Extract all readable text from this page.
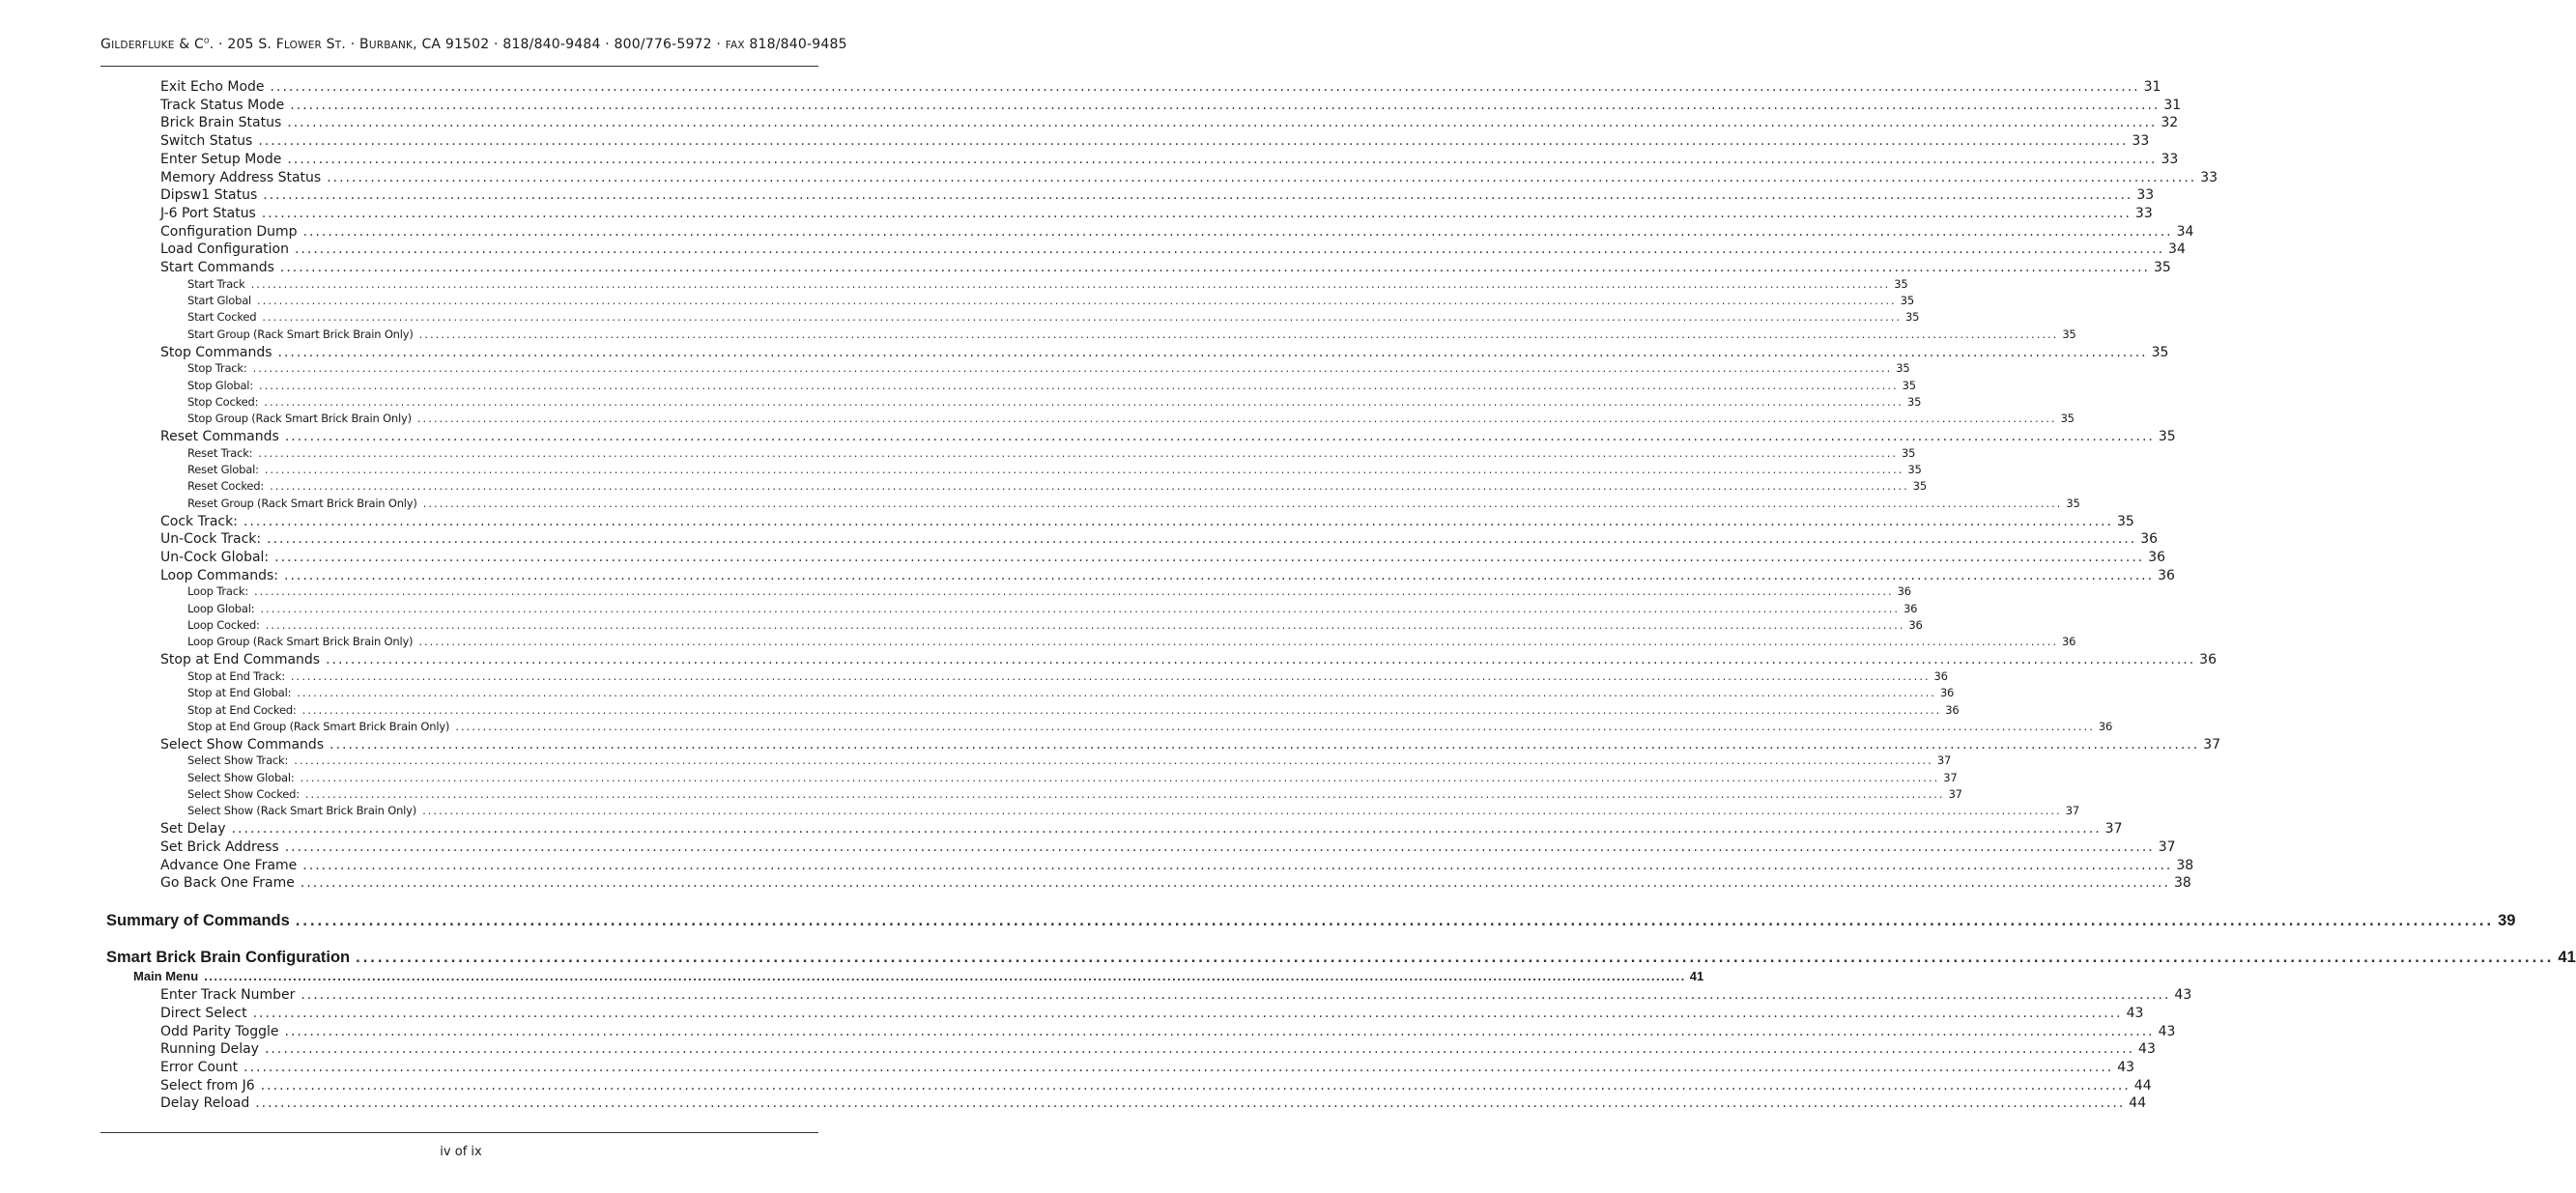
GILDERFLUKE & $C^O$. · 205 S. FLOWER ST. · BURBANK, CA 91502 · 818/840-9484 · 800/776-5972 · FAX 818/840-9485
Exit Echo Mode ............................................................................................................................................................................................................................................................................................................ 31
Track Status Mode ............................................................................................................................................................................................................................................................................................................ 31
Brick Brain Status ............................................................................................................................................................................................................................................................................................................ 32
Switch Status ............................................................................................................................................................................................................................................................................................................ 33
Enter Setup Mode ............................................................................................................................................................................................................................................................................................................ 33
Memory Address Status ............................................................................................................................................................................................................................................................................................................ 33
Dipsw1 Status ............................................................................................................................................................................................................................................................................................................ 33
J-6 Port Status ............................................................................................................................................................................................................................................................................................................ 33
Configuration Dump ............................................................................................................................................................................................................................................................................................................ 34
Load Configuration ............................................................................................................................................................................................................................................................................................................ 34
Start Commands ............................................................................................................................................................................................................................................................................................................ 35
Start Track ............................................................................................................................................................................................................................................................................................................ 35
Start Global ............................................................................................................................................................................................................................................................................................................ 35
Start Cocked ............................................................................................................................................................................................................................................................................................................ 35
Start Group (Rack Smart Brick Brain Only) ............................................................................................................................................................................................................................................................................................................ 35
Stop Commands ............................................................................................................................................................................................................................................................................................................ 35
Stop Track: ............................................................................................................................................................................................................................................................................................................ 35
Stop Global: ............................................................................................................................................................................................................................................................................................................ 35
Stop Cocked: ............................................................................................................................................................................................................................................................................................................ 35
Stop Group (Rack Smart Brick Brain Only) ............................................................................................................................................................................................................................................................................................................ 35
Reset Commands ............................................................................................................................................................................................................................................................................................................ 35
Reset Track: ............................................................................................................................................................................................................................................................................................................ 35
Reset Global: ............................................................................................................................................................................................................................................................................................................ 35
Reset Cocked: ............................................................................................................................................................................................................................................................................................................ 35
Reset Group (Rack Smart Brick Brain Only) ............................................................................................................................................................................................................................................................................................................ 35
Cock Track: ............................................................................................................................................................................................................................................................................................................ 35
Un-Cock Track: ............................................................................................................................................................................................................................................................................................................ 36
Un-Cock Global: ............................................................................................................................................................................................................................................................................................................ 36
Loop Commands: ............................................................................................................................................................................................................................................................................................................ 36
Loop Track: ............................................................................................................................................................................................................................................................................................................ 36
Loop Global: ............................................................................................................................................................................................................................................................................................................ 36
Loop Cocked: ............................................................................................................................................................................................................................................................................................................ 36
Loop Group (Rack Smart Brick Brain Only) ............................................................................................................................................................................................................................................................................................................ 36
Stop at End Commands ............................................................................................................................................................................................................................................................................................................ 36
Stop at End Track: ............................................................................................................................................................................................................................................................................................................ 36
Stop at End Global: ............................................................................................................................................................................................................................................................................................................ 36
Stop at End Cocked: ............................................................................................................................................................................................................................................................................................................ 36
Stop at End Group (Rack Smart Brick Brain Only) ............................................................................................................................................................................................................................................................................................................ 36
Select Show Commands ............................................................................................................................................................................................................................................................................................................ 37
Select Show Track: ............................................................................................................................................................................................................................................................................................................ 37
Select Show Global: ............................................................................................................................................................................................................................................................................................................ 37
Select Show Cocked: ............................................................................................................................................................................................................................................................................................................ 37
Select Show (Rack Smart Brick Brain Only) ............................................................................................................................................................................................................................................................................................................ 37
Set Delay ............................................................................................................................................................................................................................................................................................................ 37
Set Brick Address ............................................................................................................................................................................................................................................................................................................ 37
Advance One Frame ............................................................................................................................................................................................................................................................................................................ 38
Go Back One Frame ............................................................................................................................................................................................................................................................................................................ 38
Summary of Commands ............................................................................................................................................................................................................................................................................................................ 39
Smart Brick Brain Configuration ............................................................................................................................................................................................................................................................................................................ 41
Main Menu ............................................................................................................................................................................................................................................................................................................ 41
Enter Track Number ............................................................................................................................................................................................................................................................................................................ 43
Direct Select ............................................................................................................................................................................................................................................................................................................ 43
Odd Parity Toggle ............................................................................................................................................................................................................................................................................................................ 43
Running Delay ............................................................................................................................................................................................................................................................................................................ 43
Error Count ............................................................................................................................................................................................................................................................................................................ 43
Select from J6 ............................................................................................................................................................................................................................................................................................................ 44
Delay Reload ............................................................................................................................................................................................................................................................................................................ 44
iv of ix
